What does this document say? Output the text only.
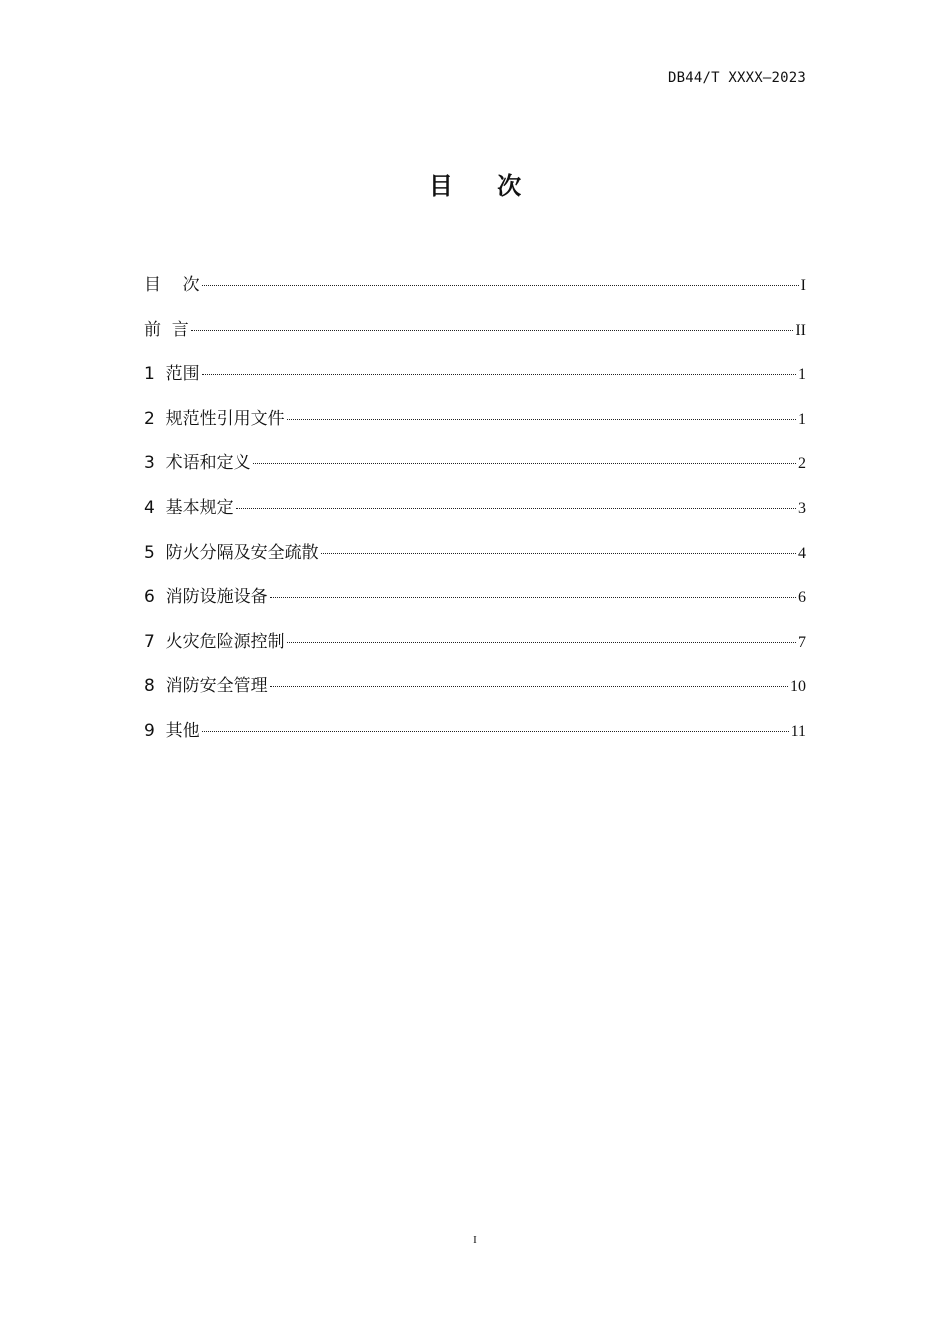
DB44/T XXXX—2023
目 次
目    次	I
前  言	II
1  范围	1
2  规范性引用文件	1
3  术语和定义	2
4  基本规定	3
5  防火分隔及安全疏散	4
6  消防设施设备	6
7  火灾危险源控制	7
8  消防安全管理	10
9  其他	11
I
